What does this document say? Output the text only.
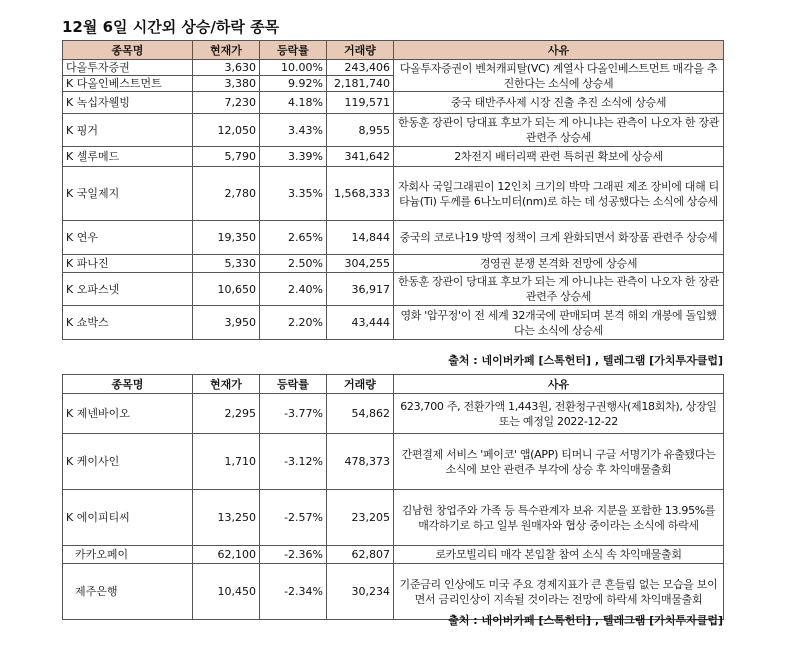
12월 6일 시간외 상승/하락 종목
종목명	현재가	등락률	거래량	사유
다올투자증권	3,630	10.00%	243,406	다올투자증권이 벤처캐피탈(VC) 계열사 다올인베스트먼트 매각을 추진한다는 소식에 상승세
K 다올인베스트먼트	3,380	9.92%	2,181,740	
K 녹십자웰빙	7,230	4.18%	119,571	중국 태반주사제 시장 진출 추진 소식에 상승세
K 핑거	12,050	3.43%	8,955	한동훈 장관이 당대표 후보가 되는 게 아니냐는 관측이 나오자 한 장관 관련주 상승세
K 셀루메드	5,790	3.39%	341,642	2차전지 배터리팩 관련 특허권 확보에 상승세
K 국일제지	2,780	3.35%	1,568,333	자회사 국일그래핀이 12인치 크기의 박막 그래핀 제조 장비에 대해 티타늄(Ti) 두께를 6나노미터(nm)로 하는 데 성공했다는 소식에 상승세
K 연우	19,350	2.65%	14,844	중국의 코로나19 방역 정책이 크게 완화되면서 화장품 관련주 상승세
K 파나진	5,330	2.50%	304,255	경영권 분쟁 본격화 전망에 상승세
K 오파스넷	10,650	2.40%	36,917	한동훈 장관이 당대표 후보가 되는 게 아니냐는 관측이 나오자 한 장관 관련주 상승세
K 쇼박스	3,950	2.20%	43,444	영화 '압꾸정'이 전 세계 32개국에 판매되며 본격 해외 개봉에 돌입했다는 소식에 상승세
출처 : 네이버카페 [스톡헌터] , 텔레그램 [가치투자클럽]
종목명	현재가	등락률	거래량	사유
K 제넨바이오	2,295	-3.77%	54,862	623,700 주, 전환가액 1,443원, 전환청구권행사(제18회차), 상장일 또는 예정일 2022-12-22
K 케이사인	1,710	-3.12%	478,373	간편결제 서비스 '페이코' 앱(APP) 티머니 구글 서명기가 유출됐다는 소식에 보안 관련주 부각에 상승 후 차익매물출회
K 에이피티씨	13,250	-2.57%	23,205	김남헌 창업주와 가족 등 특수관계자 보유 지분을 포함한 13.95%를 매각하기로 하고 일부 원매자와 협상 중이라는 소식에 하락세
카카오페이	62,100	-2.36%	62,807	로카모빌리티 매각 본입찰 참여 소식 속 차익매물출회
제주은행	10,450	-2.34%	30,234	기준금리 인상에도 미국 주요 경제지표가 큰 흔들림 없는 모습을 보이면서 금리인상이 지속될 것이라는 전망에 하락세 차익매물출회
출처 : 네이버카페 [스톡헌터] , 텔레그램 [가치투자클럽]
